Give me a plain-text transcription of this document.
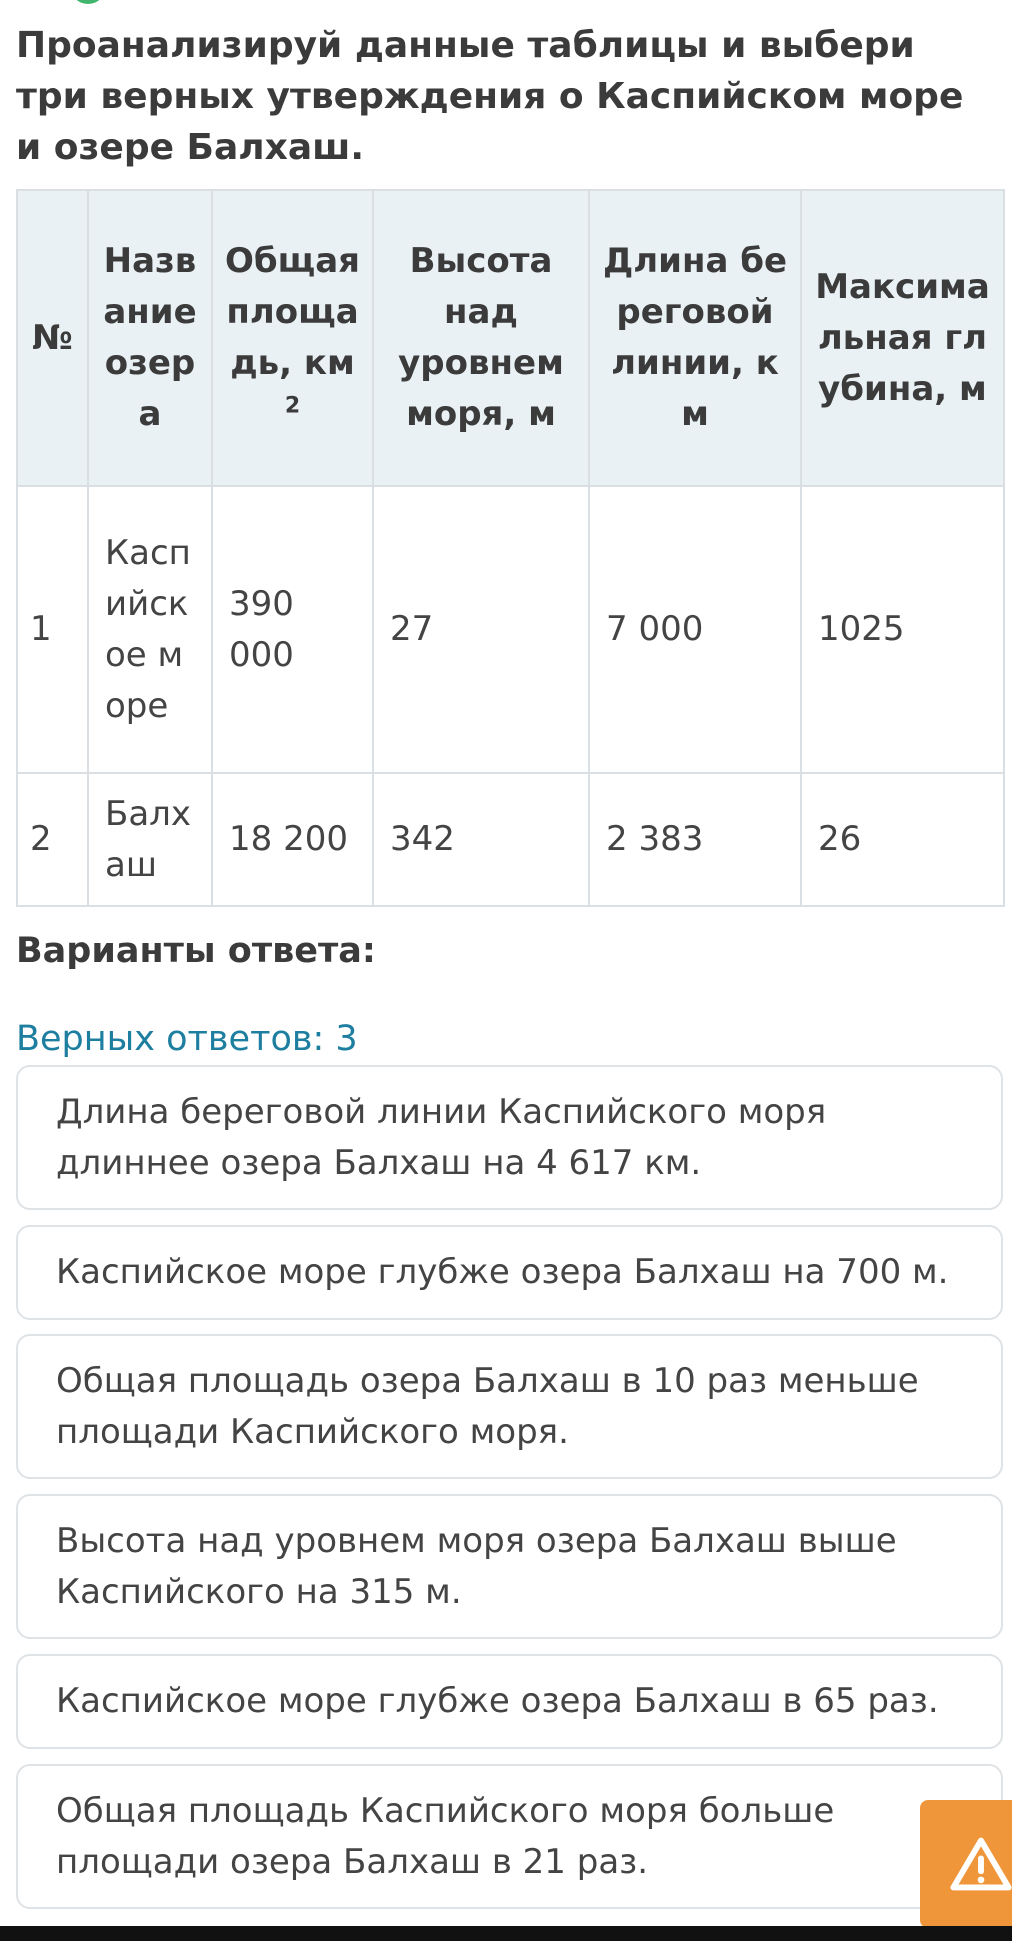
Проанализируй данные таблицы и выбери три верных утверждения о Каспийском море и озере Балхаш.
№	Название озера	Общая площадь, $км^2$	Высота над уровнем моря, м	Длина береговой линии, км	Максимальная глубина, м
1	Каспийское море	390 000	27	7 000	1025
2	Балхаш	18 200	342	2 383	26
Варианты ответа:
Верных ответов: 3
Длина береговой линии Каспийского моря длиннее озера Балхаш на 4 617 км.
Каспийское море глубже озера Балхаш на 700 м.
Общая площадь озера Балхаш в 10 раз меньше площади Каспийского моря.
Высота над уровнем моря озера Балхаш выше Каспийского на 315 м.
Каспийское море глубже озера Балхаш в 65 раз.
Общая площадь Каспийского моря больше площади озера Балхаш в 21 раз.
